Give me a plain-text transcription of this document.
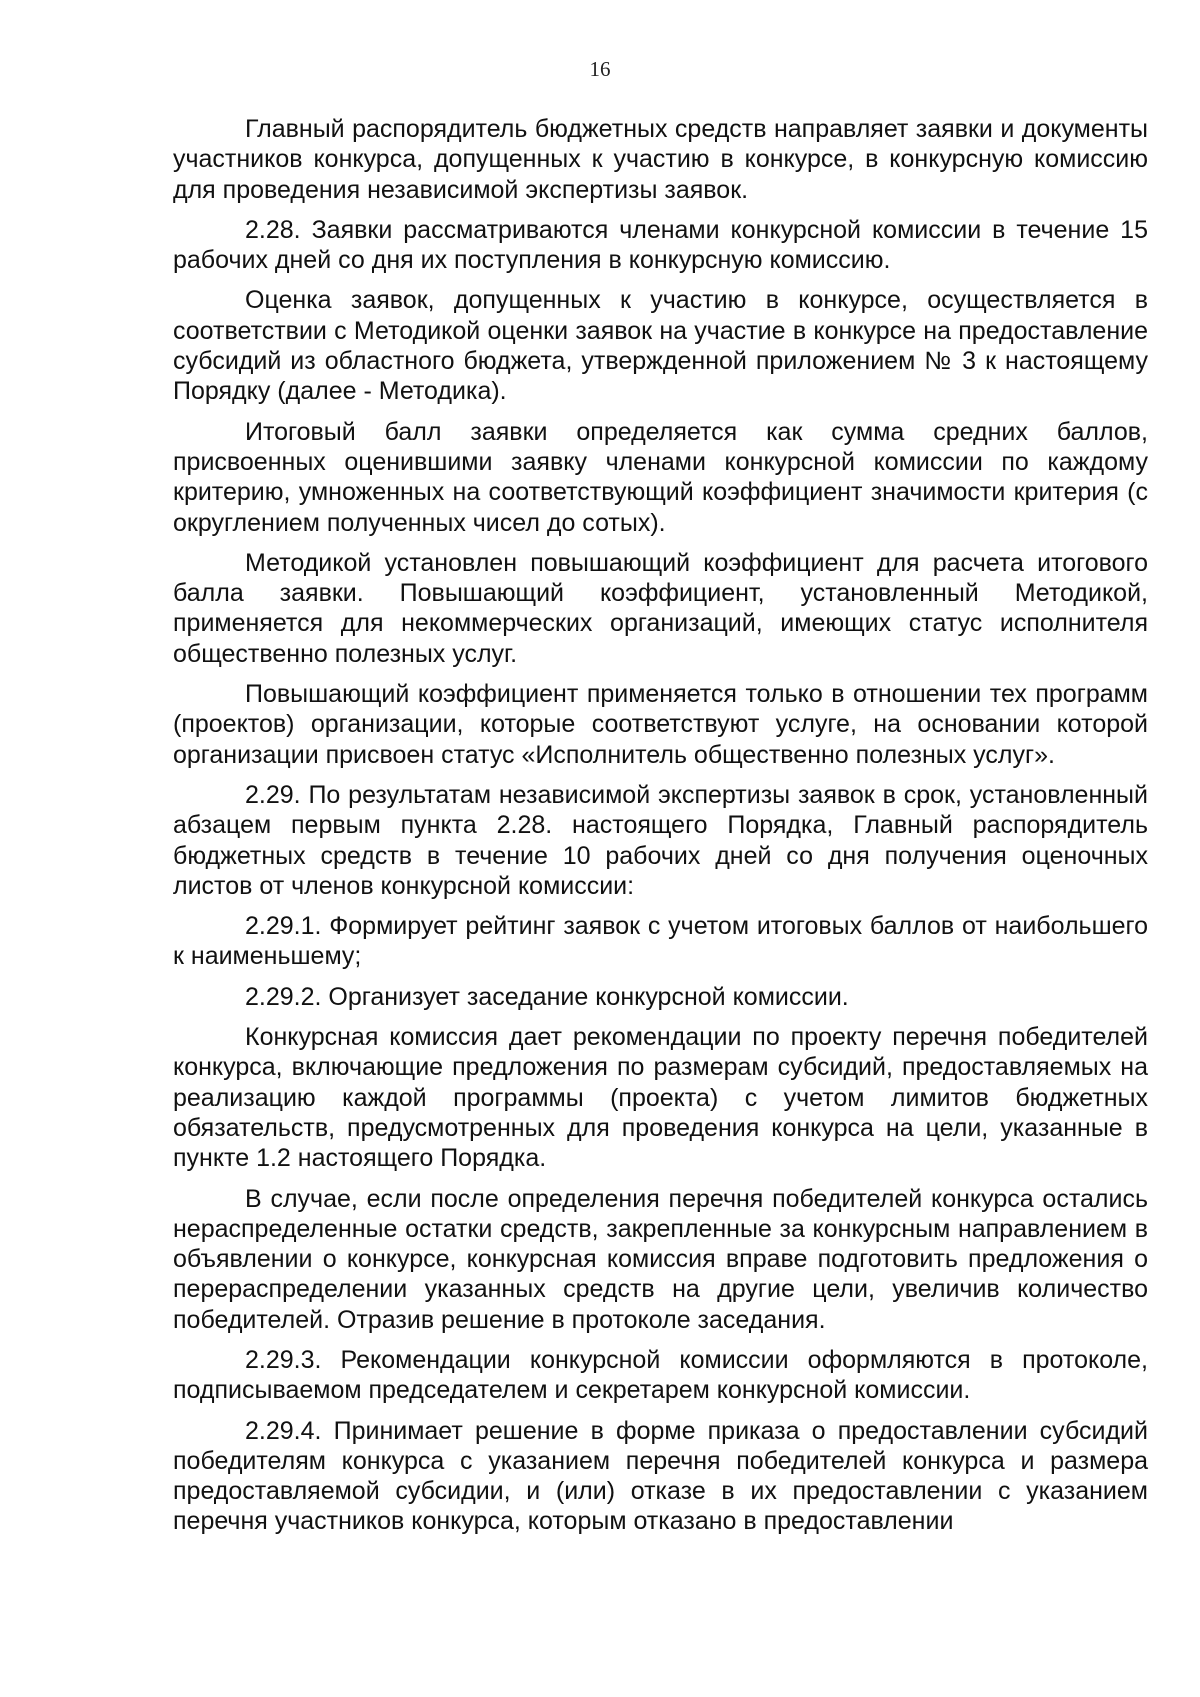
16

Главный распорядитель бюджетных средств направляет заявки и документы участников конкурса, допущенных к участию в конкурсе, в конкурсную комиссию для проведения независимой экспертизы заявок.

2.28. Заявки рассматриваются членами конкурсной комиссии в течение 15 рабочих дней со дня их поступления в конкурсную комиссию.

Оценка заявок, допущенных к участию в конкурсе, осуществляется в соответствии с Методикой оценки заявок на участие в конкурсе на предоставление субсидий из областного бюджета, утвержденной приложением № 3 к настоящему Порядку (далее - Методика).

Итоговый балл заявки определяется как сумма средних баллов, присвоенных оценившими заявку членами конкурсной комиссии по каждому критерию, умноженных на соответствующий коэффициент значимости критерия (с округлением полученных чисел до сотых).

Методикой установлен повышающий коэффициент для расчета итогового балла заявки. Повышающий коэффициент, установленный Методикой, применяется для некоммерческих организаций, имеющих статус исполнителя общественно полезных услуг.

Повышающий коэффициент применяется только в отношении тех программ (проектов) организации, которые соответствуют услуге, на основании которой организации присвоен статус «Исполнитель общественно полезных услуг».

2.29. По результатам независимой экспертизы заявок в срок, установленный абзацем первым пункта 2.28. настоящего Порядка, Главный распорядитель бюджетных средств в течение 10 рабочих дней со дня получения оценочных листов от членов конкурсной комиссии:

2.29.1. Формирует рейтинг заявок с учетом итоговых баллов от наибольшего к наименьшему;

2.29.2. Организует заседание конкурсной комиссии.

Конкурсная комиссия дает рекомендации по проекту перечня победителей конкурса, включающие предложения по размерам субсидий, предоставляемых на реализацию каждой программы (проекта) с учетом лимитов бюджетных обязательств, предусмотренных для проведения конкурса на цели, указанные в пункте 1.2 настоящего Порядка.

В случае, если после определения перечня победителей конкурса остались нераспределенные остатки средств, закрепленные за конкурсным направлением в объявлении о конкурсе, конкурсная комиссия вправе подготовить предложения о перераспределении указанных средств на другие цели, увеличив количество победителей. Отразив решение в протоколе заседания.

2.29.3. Рекомендации конкурсной комиссии оформляются в протоколе, подписываемом председателем и секретарем конкурсной комиссии.

2.29.4. Принимает решение в форме приказа о предоставлении субсидий победителям конкурса с указанием перечня победителей конкурса и размера предоставляемой субсидии, и (или) отказе в их предоставлении с указанием перечня участников конкурса, которым отказано в предоставлении
